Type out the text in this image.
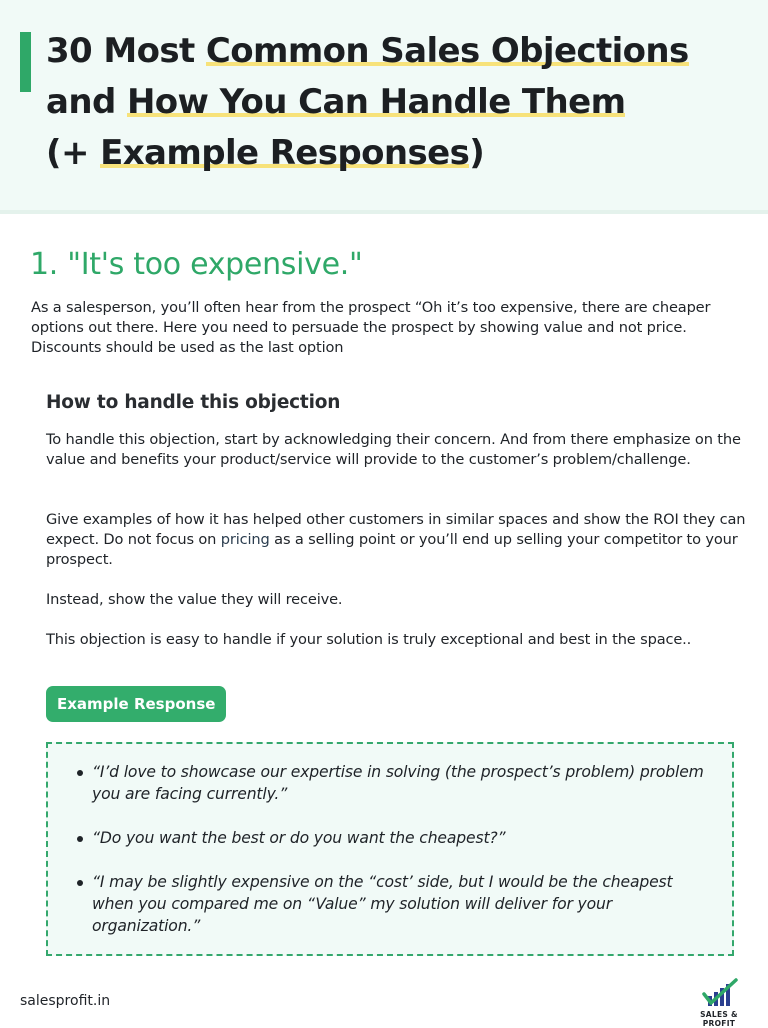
30 Most Common Sales Objections
and How You Can Handle Them
(+ Example Responses)
1. "It's too expensive."

As a salesperson, you’ll often hear from the prospect “Oh it’s too expensive, there are cheaper options out there. Here you need to persuade the prospect by showing value and not price. Discounts should be used as the last option

How to handle this objection

To handle this objection, start by acknowledging their concern. And from there emphasize on the value and benefits your product/service will provide to the customer’s problem/challenge.

Give examples of how it has helped other customers in similar spaces and show the ROI they can expect. Do not focus on pricing as a selling point or you’ll end up selling your competitor to your prospect.

Instead, show the value they will receive.

This objection is easy to handle if your solution is truly exceptional and best in the space..

Example Response
“I’d love to showcase our expertise in solving (the prospect’s problem) problem you are facing currently.”
“Do you want the best or do you want the cheapest?”
“I may be slightly expensive on the “cost’ side, but I would be the cheapest when you compared me on “Value” my solution will deliver for your organization.”
salesprofit.in
SALES & PROFIT
